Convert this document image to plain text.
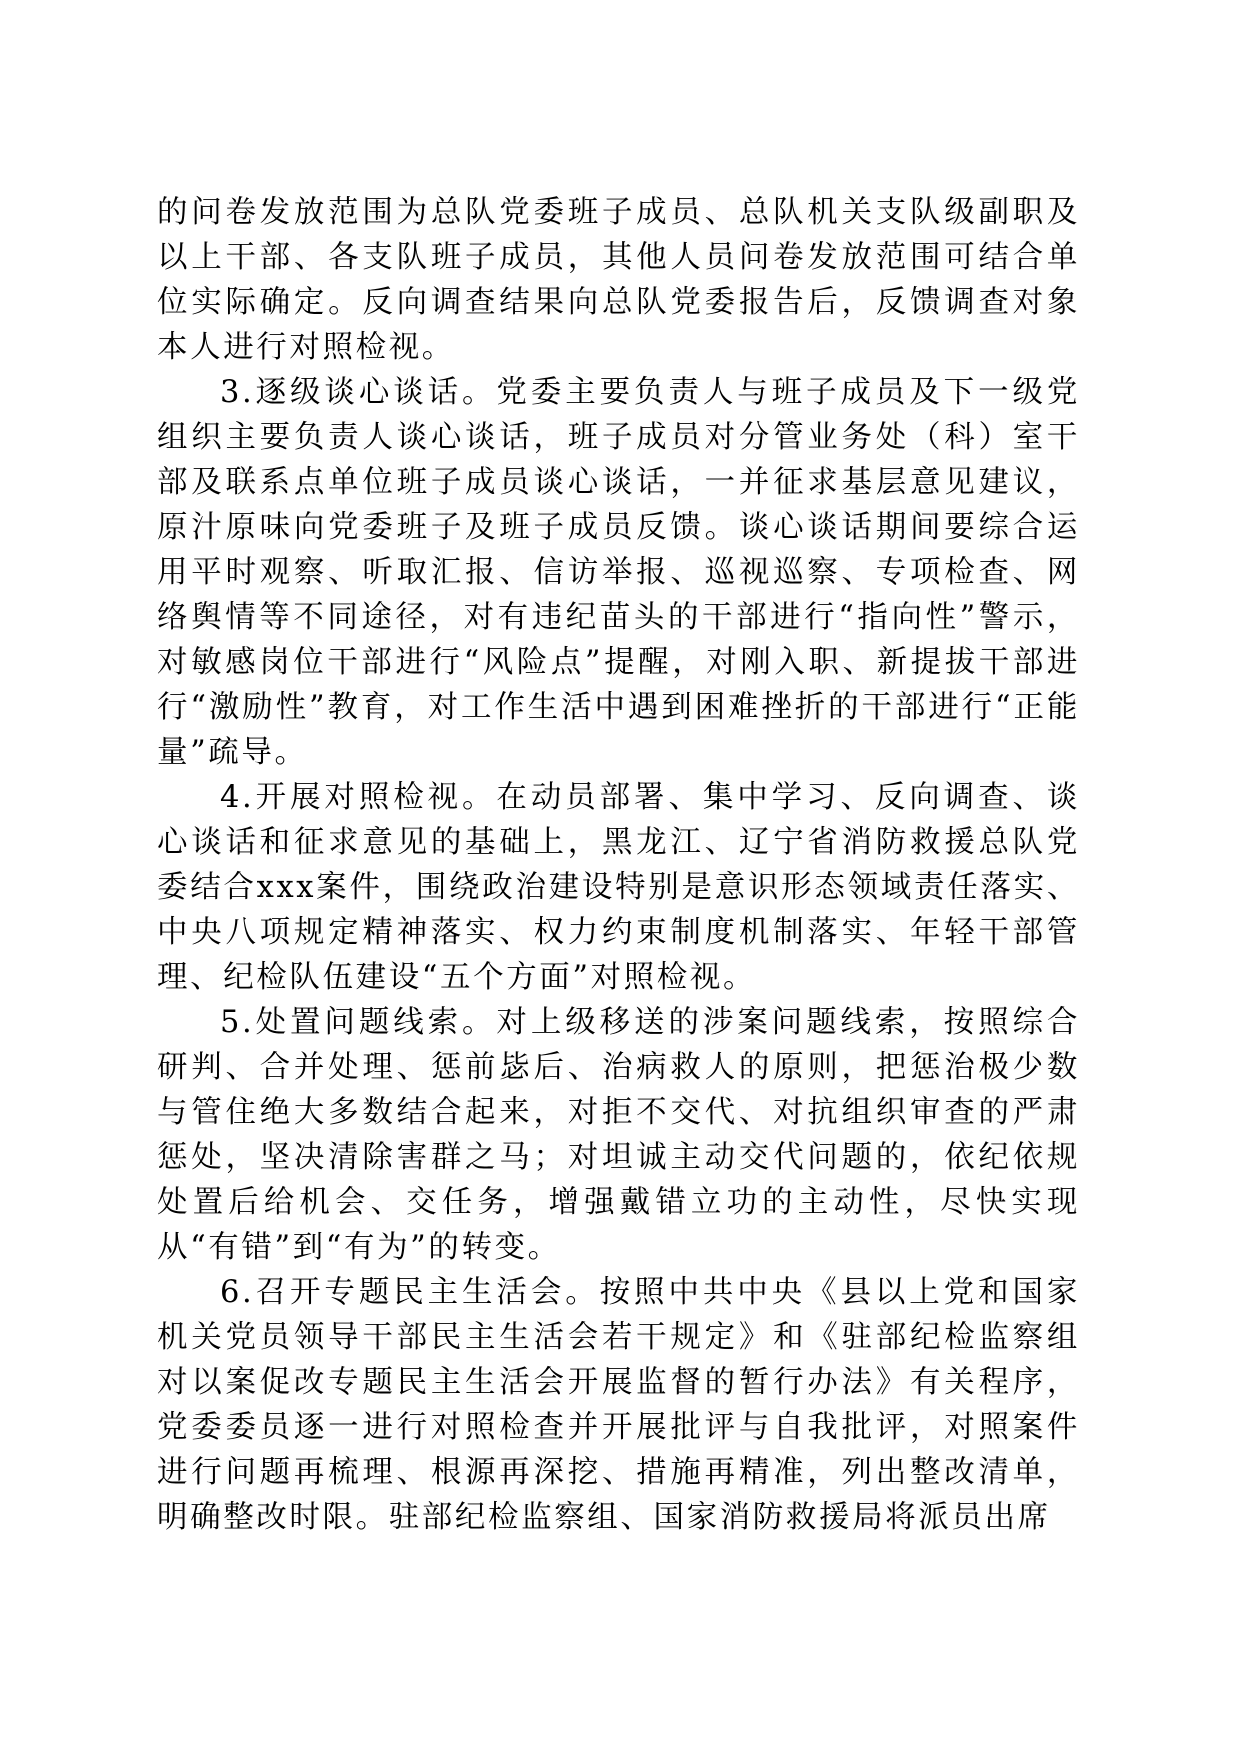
的问卷发放范围为总队党委班子成员、总队机关支队级副职及以上干部、各支队班子成员，其他人员问卷发放范围可结合单位实际确定。反向调查结果向总队党委报告后，反馈调查对象本人进行对照检视。

3.逐级谈心谈话。党委主要负责人与班子成员及下一级党组织主要负责人谈心谈话，班子成员对分管业务处（科）室干部及联系点单位班子成员谈心谈话，一并征求基层意见建议，原汁原味向党委班子及班子成员反馈。谈心谈话期间要综合运用平时观察、听取汇报、信访举报、巡视巡察、专项检查、网络舆情等不同途径，对有违纪苗头的干部进行“指向性”警示，对敏感岗位干部进行“风险点”提醒，对刚入职、新提拔干部进行“激励性”教育，对工作生活中遇到困难挫折的干部进行“正能量”疏导。

4.开展对照检视。在动员部署、集中学习、反向调查、谈心谈话和征求意见的基础上，黑龙江、辽宁省消防救援总队党委结合xxx案件，围绕政治建设特别是意识形态领域责任落实、中央八项规定精神落实、权力约束制度机制落实、年轻干部管理、纪检队伍建设“五个方面”对照检视。

5.处置问题线索。对上级移送的涉案问题线索，按照综合研判、合并处理、惩前毖后、治病救人的原则，把惩治极少数与管住绝大多数结合起来，对拒不交代、对抗组织审查的严肃惩处，坚决清除害群之马；对坦诚主动交代问题的，依纪依规处置后给机会、交任务，增强戴错立功的主动性，尽快实现从“有错”到“有为”的转变。

6.召开专题民主生活会。按照中共中央《县以上党和国家机关党员领导干部民主生活会若干规定》和《驻部纪检监察组对以案促改专题民主生活会开展监督的暂行办法》有关程序，党委委员逐一进行对照检查并开展批评与自我批评，对照案件进行问题再梳理、根源再深挖、措施再精准，列出整改清单，明确整改时限。驻部纪检监察组、国家消防救援局将派员出席
